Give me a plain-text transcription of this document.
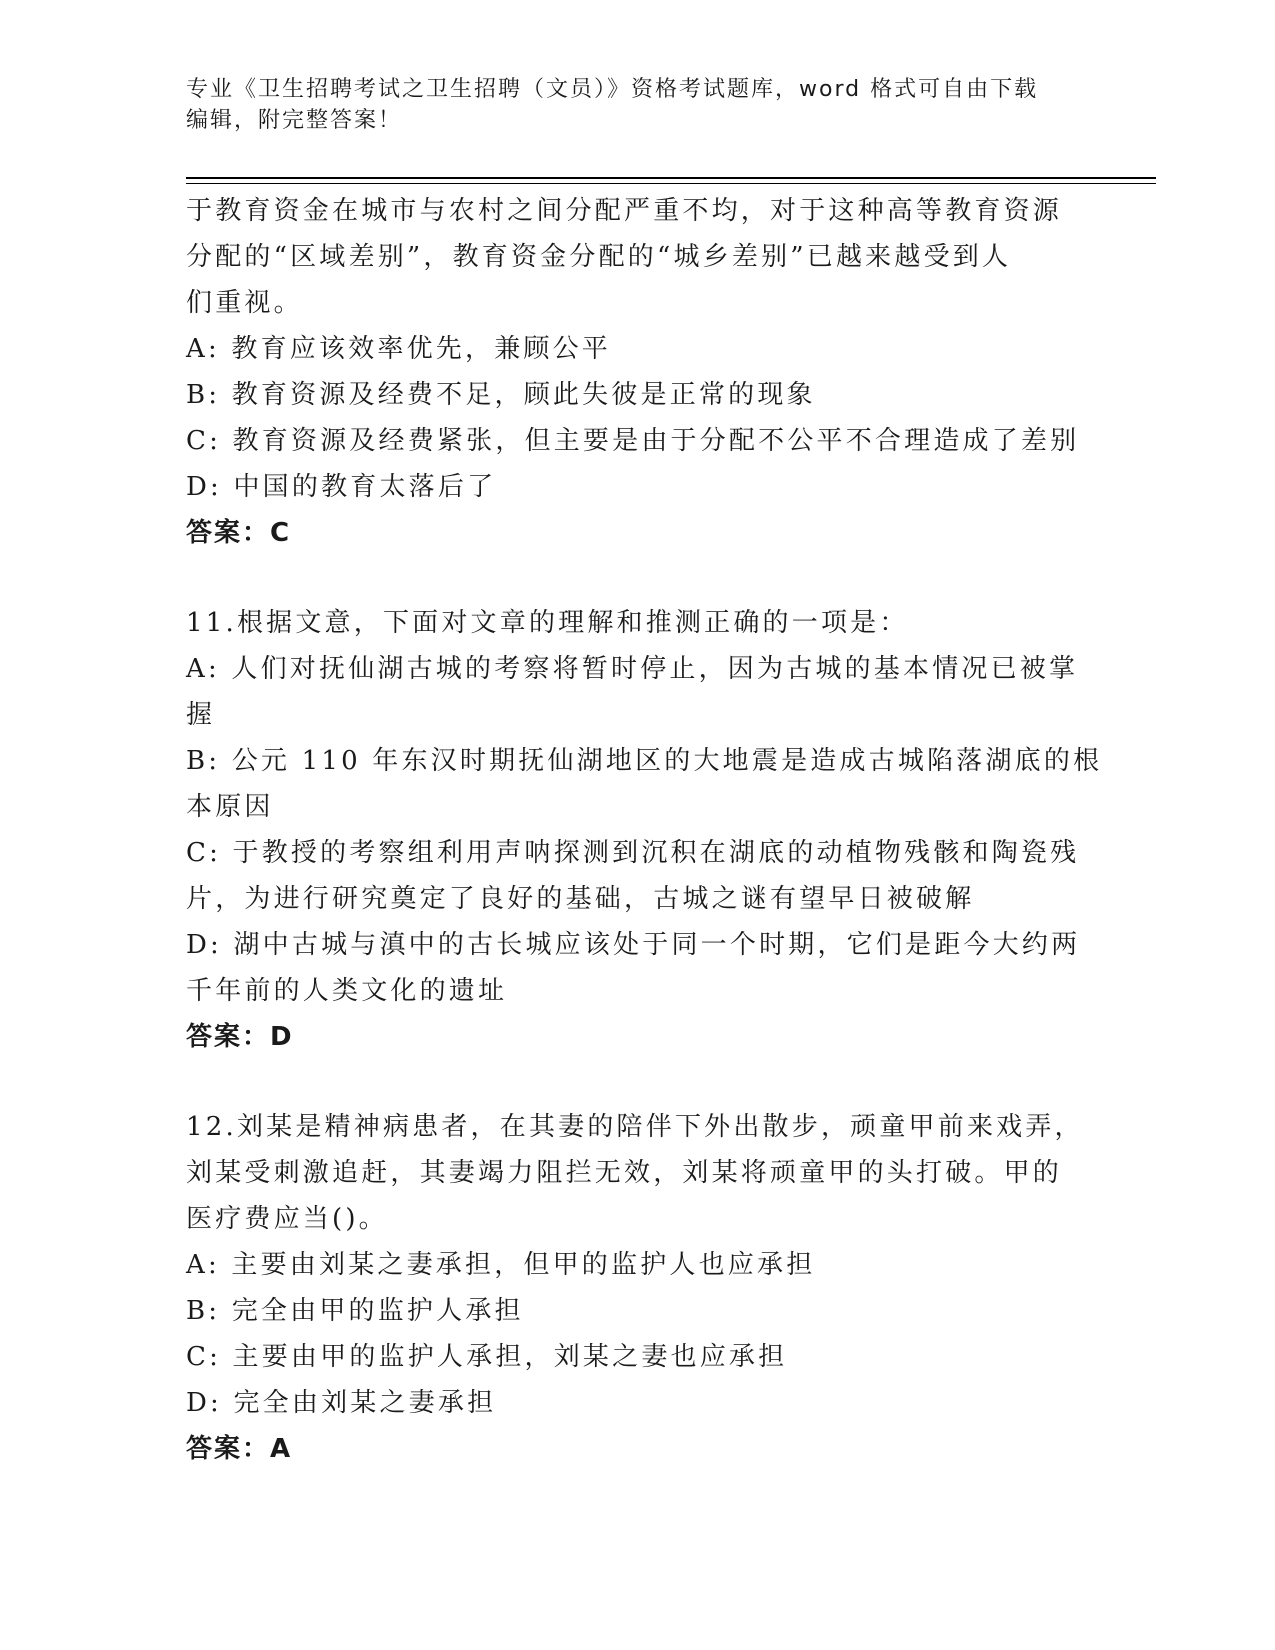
专业《卫生招聘考试之卫生招聘（文员）》资格考试题库，word 格式可自由下载
编辑，附完整答案！
于教育资金在城市与农村之间分配严重不均，对于这种高等教育资源
分配的“区域差别”，教育资金分配的“城乡差别”已越来越受到人
们重视。
A: 教育应该效率优先，兼顾公平
B: 教育资源及经费不足，顾此失彼是正常的现象
C: 教育资源及经费紧张，但主要是由于分配不公平不合理造成了差别
D: 中国的教育太落后了
答案：C
11.根据文意，下面对文章的理解和推测正确的一项是：
A: 人们对抚仙湖古城的考察将暂时停止，因为古城的基本情况已被掌
握
B: 公元 110 年东汉时期抚仙湖地区的大地震是造成古城陷落湖底的根
本原因
C: 于教授的考察组利用声呐探测到沉积在湖底的动植物残骸和陶瓷残
片，为进行研究奠定了良好的基础，古城之谜有望早日被破解
D: 湖中古城与滇中的古长城应该处于同一个时期，它们是距今大约两
千年前的人类文化的遗址
答案：D
12.刘某是精神病患者，在其妻的陪伴下外出散步，顽童甲前来戏弄，
刘某受刺激追赶，其妻竭力阻拦无效，刘某将顽童甲的头打破。甲的
医疗费应当()。
A: 主要由刘某之妻承担，但甲的监护人也应承担
B: 完全由甲的监护人承担
C: 主要由甲的监护人承担，刘某之妻也应承担
D: 完全由刘某之妻承担
答案：A
